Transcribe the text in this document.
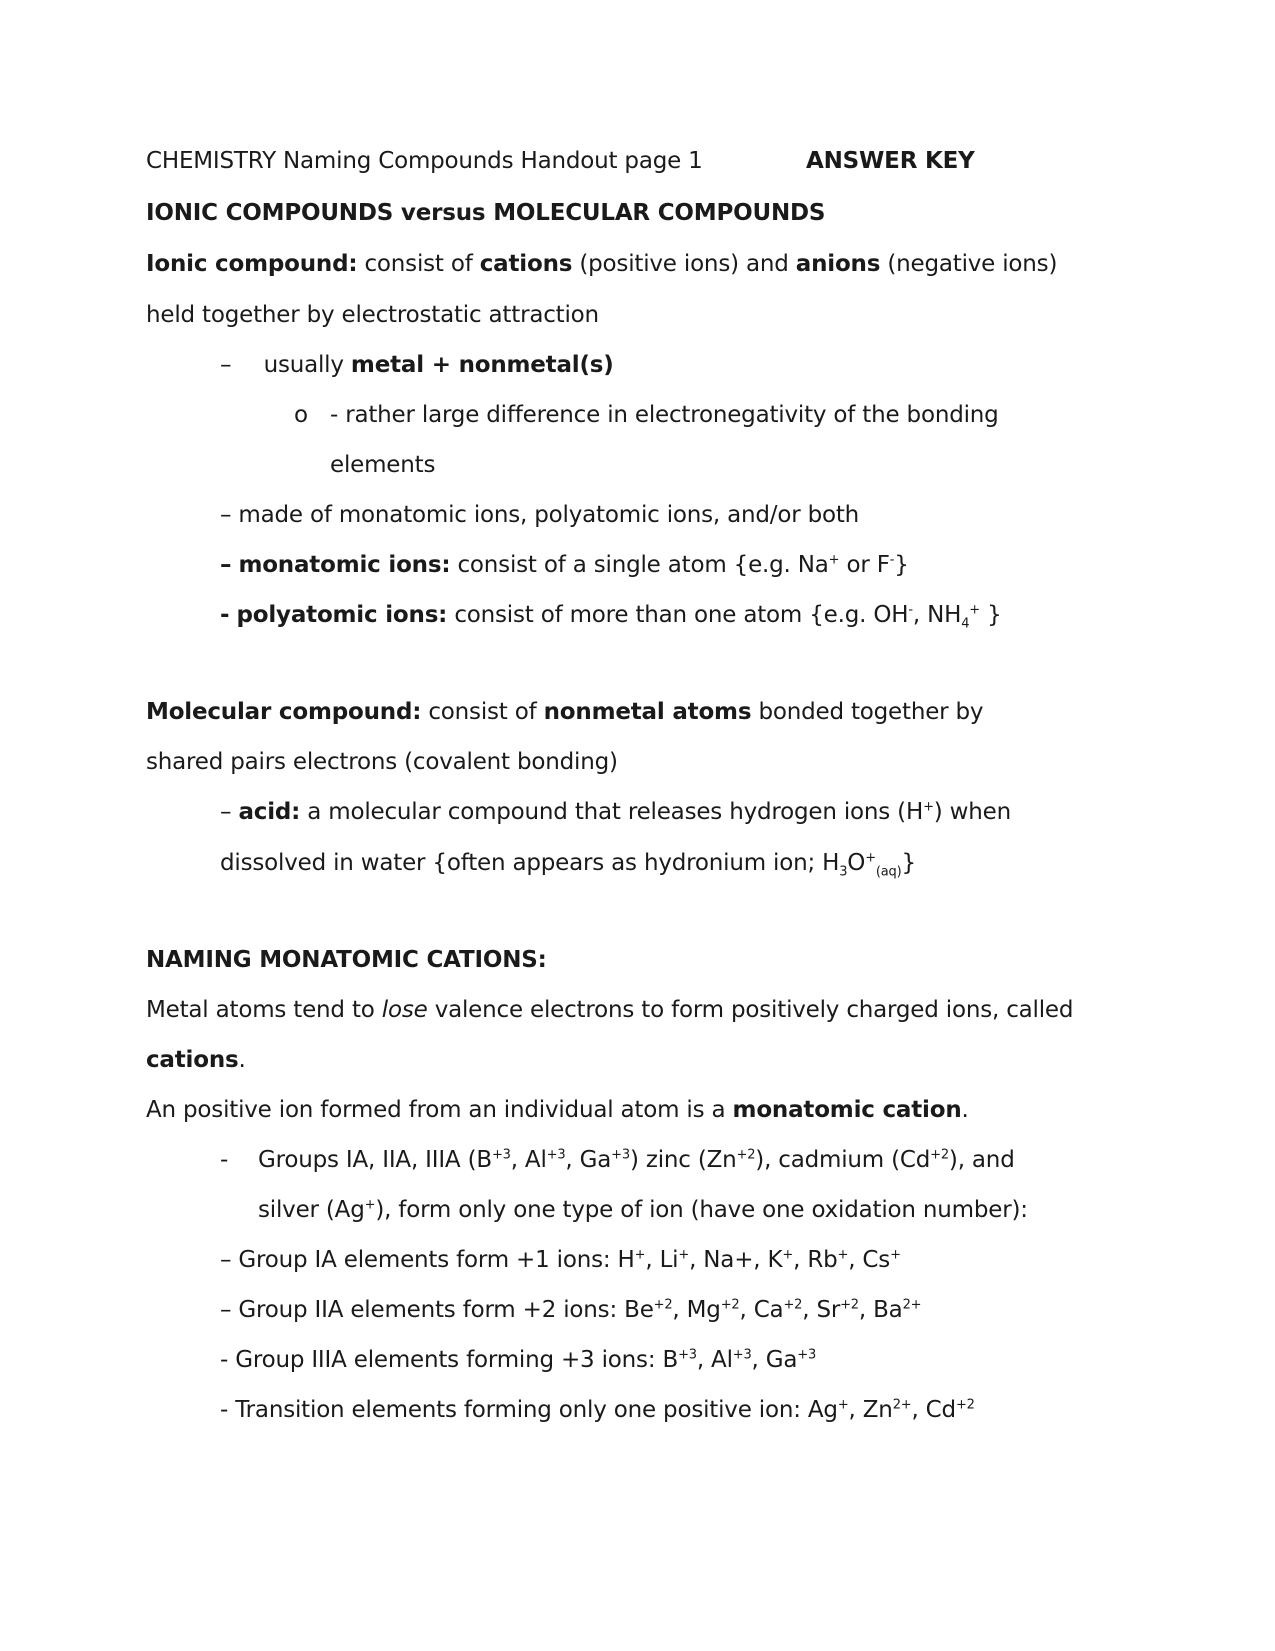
CHEMISTRY Naming Compounds Handout page 1	ANSWER KEY
IONIC COMPOUNDS versus MOLECULAR COMPOUNDS
Ionic compound: consist of cations (positive ions) and anions (negative ions)
held together by electrostatic attraction
– usually metal + nonmetal(s)
o - rather large difference in electronegativity of the bonding
elements
– made of monatomic ions, polyatomic ions, and/or both
– monatomic ions: consist of a single atom {e.g. Na+ or F-}
- polyatomic ions: consist of more than one atom {e.g. OH-, $NH_4^+$ }
Molecular compound: consist of nonmetal atoms bonded together by
shared pairs electrons (covalent bonding)
– acid: a molecular compound that releases hydrogen ions (H+) when
dissolved in water {often appears as hydronium ion; $H_3O^+_{(aq)}$}
NAMING MONATOMIC CATIONS:
Metal atoms tend to lose valence electrons to form positively charged ions, called
cations.
An positive ion formed from an individual atom is a monatomic cation.
- Groups IA, IIA, IIIA ($B^{+3}$, $Al^{+3}$, $Ga^{+3}$) zinc $(Zn^{+2})$, cadmium $(Cd^{+2})$, and
silver (Ag+), form only one type of ion (have one oxidation number):
– Group IA elements form +1 ions: H+, Li+, Na+, K+, Rb+, Cs+
– Group IIA elements form +2 ions: $Be^{+2}$, $Mg^{+2}$, $Ca^{+2}$, $Sr^{+2}$, $Ba^{2+}$
- Group IIIA elements forming +3 ions: $B^{+3}$, $Al^{+3}$, $Ga^{+3}$
- Transition elements forming only one positive ion: Ag+, $Zn^{2+}$, $Cd^{+2}$
